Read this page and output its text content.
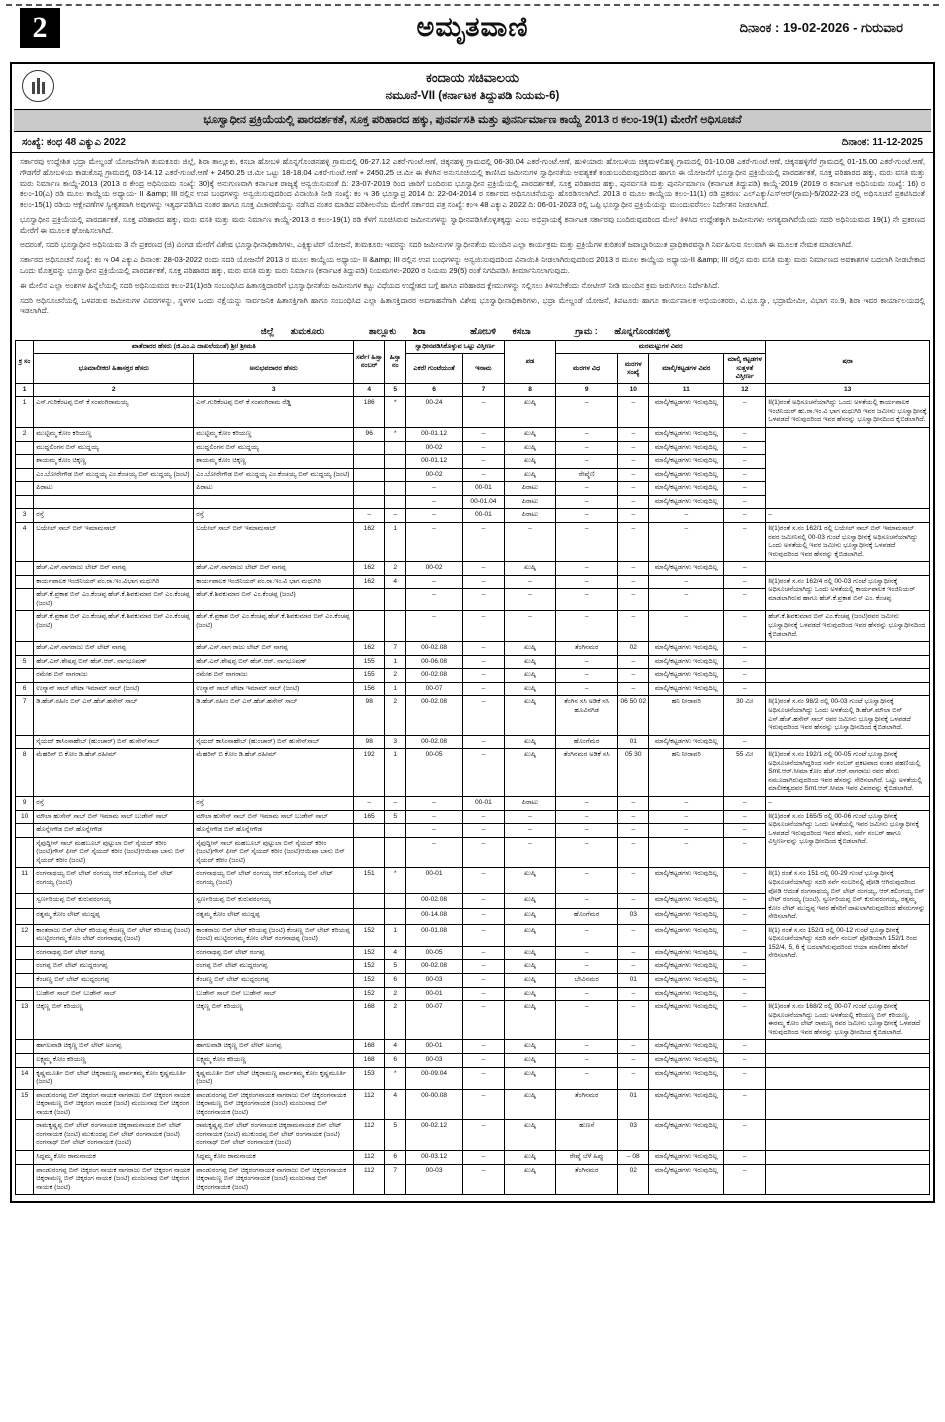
2	ಅಮೃತವಾಣಿ	ದಿನಾಂಕ : 19-02-2026 - ಗುರುವಾರ
ಕಂದಾಯ ಸಚಿವಾಲಯ
ನಮೂನೆ-VII (ಕರ್ನಾಟಕ ತಿದ್ದುಪಡಿ ನಿಯಮ-6)
ಭೂಸ್ವಾಧೀನ ಪ್ರಕ್ರಿಯೆಯಲ್ಲಿ ಪಾರದರ್ಶಕತೆ, ಸೂಕ್ತ ಪರಿಹಾರದ ಹಕ್ಕು, ಪುನರ್ವಸತಿ ಮತ್ತು ಪುನರ್ನಿರ್ಮಾಣ ಕಾಯ್ದೆ 2013 ರ ಕಲಂ-19(1) ಮೇರೆಗೆ ಅಧಿಸೂಚನೆ
ಸಂಖ್ಯೆ: ಕಂಧ 48 ಎಕ್ಯುಎ 2022	ದಿನಾಂಕ: 11-12-2025

ಸರ್ಕಾರವು ಉದ್ದೇಶಿತ ಭದ್ರಾ ಮೇಲ್ದಂಡೆ ಯೋಜನೆಗಾಗಿ ತುಮಕೂರು ಜಿಲ್ಲೆ, ಶಿರಾ ತಾಲ್ಲೂಕು, ಕಸಬಾ ಹೋಬಳಿ ಹೊನ್ನಗೊಂಡನಹಳ್ಳಿ ಗ್ರಾಮದಲ್ಲಿ 06-27.12 ಎಕರೆ-ಗುಂಟೆ.ಆಣೆ, ಚಿಕ್ಕನಹಳ್ಳಿ ಗ್ರಾಮದಲ್ಲಿ 06-30.04 ಎಕರೆ-ಗುಂಟೆ.ಆಣೆ, ಹುಳಿಯಾರು ಹೋಬಳಿಯ ಚಿಕ್ಕಮಳಲಿಹಳ್ಳಿ ಗ್ರಾಮದಲ್ಲಿ 01-10.08 ಎಕರೆ-ಗುಂಟೆ.ಆಣೆ, ಚಿಕ್ಕನಹಳ್ಳಿಗೆರೆ ಗ್ರಾಮದಲ್ಲಿ 01-15.00 ಎಕರೆ-ಗುಂಟೆ.ಆಣೆ, ಗೌಡಗೆರೆ ಹೋಬಳಿಯ ಕಾಡುಕೊಪ್ಪ ಗ್ರಾಮದಲ್ಲಿ 03-14.12 ಎಕರೆ-ಗುಂಟೆ.ಆಣೆ + 2450.25 ಚ.ಮೀ ಒಟ್ಟು 18-18.04 ಎಕರೆ-ಗುಂಟೆ.ಆಣೆ + 2450.25 ಚ.ಮೀ ಈ ಕೆಳಗಿನ ಅನುಸೂಚಿಯಲ್ಲಿ ಕಾಣಿಸಿದ ಜಮೀನುಗಳ ಸ್ವಾಧೀನತೆಯ ಅವಶ್ಯಕತೆ ಕಂಡುಬಂದಿರುವುದರಿಂದ ಹಾಗೂ ಈ ಯೋಜನೆಗೆ ಭೂಸ್ವಾಧೀನ ಪ್ರಕ್ರಿಯೆಯಲ್ಲಿ ಪಾರದರ್ಶಕತೆ, ಸೂಕ್ತ ಪರಿಹಾರದ ಹಕ್ಕು, ಮರು ವಸತಿ ಮತ್ತು ಮರು ನಿರ್ಮಾಣ ಕಾಯ್ದೆ-2013 (2013 ರ ಕೇಂದ್ರ ಅಧಿನಿಯಮ ಸಂಖ್ಯೆ: 30)ಕ್ಕೆ ಅನುಗುಣವಾಗಿ ಕರ್ನಾಟಕ ರಾಜ್ಯಕ್ಕೆ ಅನ್ವಯಿಸುವಂತೆ ದಿ: 23-07-2019 ರಿಂದ ಜಾರಿಗೆ ಬಂದಿರುವ ಭೂಸ್ವಾಧೀನ ಪ್ರಕ್ರಿಯೆಯಲ್ಲಿ ಪಾರದರ್ಶಕತೆ, ಸೂಕ್ತ ಪರಿಹಾರದ ಹಕ್ಕು, ಪುನರ್ವಸತಿ ಮತ್ತು ಪುನರ್ನಿರ್ಮಾಣ (ಕರ್ನಾಟಕ ತಿದ್ದುಪಡಿ) ಕಾಯ್ದೆ-2019 (2019 ರ ಕರ್ನಾಟಕ ಅಧಿನಿಯಮ ಸಂಖ್ಯೆ: 16) ರ ಕಲಂ-10(ಎ) ರಡಿ ಮೂಲ ಕಾಯ್ದೆಯ ಅಧ್ಯಾಯ- II &amp; III ರಲ್ಲಿನ ಉಪ ಬಂಧಗಳನ್ನು ಅನ್ವಯಿಸುವುದರಿಂದ ವಿನಾಯಿತಿ ನೀಡಿ ಸಂಖ್ಯೆ: ಕಂ ಇ 36 ಭೂಸ್ವಾಪ್ರ 2014 ದಿ: 22-04-2014 ರ ಸರ್ಕಾರದ ಅಧಿಸೂಚನೆಯನ್ನು ಹೊರಡಿಸಲಾಗಿದೆ. 2013 ರ ಮೂಲ ಕಾಯ್ದೆಯ ಕಲಂ-11(1) ರಡಿ ಪ್ರಕರಣ: ಎಲ್ಎಕ್ಯು/ಎಸ್ಆರ್(ಗ್ರಾಮ)-5/2022-23 ರಲ್ಲಿ ಅಧಿಸೂಚನೆ ಪ್ರಕಟಿಸಿದಂತೆ ಕಲಂ-15(1) ರಡಿಯ ಆಕ್ಷೇಪಣೆಗಳ ಸ್ವೀಕೃತವಾಗಿ ಅವುಗಳನ್ನು ಇತ್ಯರ್ಥಪಡಿಸಿದ ನಂತರ ಹಾಗೂ ಸೂಕ್ತ ವಿಚಾರಣೆಯನ್ನು ನಡೆಸಿದ ನಂತರ ಮಾಡಿದ ಪರಿಶೀಲನೆಯ ಮೇರೆಗೆ ಸರ್ಕಾರದ ಪತ್ರ ಸಂಖ್ಯೆ: ಕಂಇ 48 ಎಕ್ಯುಎ 2022 ದಿ: 06-01-2023 ರಲ್ಲಿ ಒಪ್ಪಿ ಭೂಸ್ವಾಧೀನ ಪ್ರಕ್ರಿಯೆಯನ್ನು ಮುಂದುವರೆಸಲು ನಿರ್ದೇಶನ ನೀಡಲಾಗಿದೆ.

ಭೂಸ್ವಾಧೀನ ಪ್ರಕ್ರಿಯೆಯಲ್ಲಿ ಪಾರದರ್ಶಕತೆ, ಸೂಕ್ತ ಪರಿಹಾರದ ಹಕ್ಕು, ಮರು ವಸತಿ ಮತ್ತು ಮರು ನಿರ್ಮಾಣ ಕಾಯ್ದೆ-2013 ರ ಕಲಂ-19(1) ರಡಿ ಕೆಳಗೆ ಸೂಚಿಸಿರುವ ಜಮೀನುಗಳನ್ನು ಸ್ವಾಧೀನಪಡಿಸಿಕೊಳ್ಳತಕ್ಕದ್ದು ಎಂಬ ಅಭಿಪ್ರಾಯಕ್ಕೆ ಕರ್ನಾಟಕ ಸರ್ಕಾರವು ಬಂದಿರುವುದರಿಂದ ಮೇಲೆ ತಿಳಿಸಿದ ಉದ್ದೇಶಕ್ಕಾಗಿ ಜಮೀನುಗಳು ಅಗತ್ಯವಾಗಿವೆಯೆಂದು ಸದರಿ ಅಧಿನಿಯಮದ 19(1) ನೇ ಪ್ರಕರಣದ ಮೇರೆಗೆ ಈ ಮೂಲಕ ಘೋಷಿಸಲಾಗಿದೆ.

ಅದರಂತೆ, ಸದರಿ ಭೂಸ್ವಾಧೀನ ಅಧಿನಿಯಮ 3 ನೇ ಪ್ರಕರಣದ (ಜಿ) ವಿಂಗಡ ಮೇರೆಗೆ ವಿಶೇಷ ಭೂಸ್ವಾಧೀನಾಧಿಕಾರಿಗಳು, ಎಕ್ಸಿಕ್ಯುಟಿವ್ ಯೋಜನೆ, ತುಮಕೂರು ಇವರನ್ನು ಸದರಿ ಜಮೀನುಗಳ ಸ್ವಾಧೀನತೆಯ ಮುಂದಿನ ಎಲ್ಲಾ ಕಾರ್ಯಕ್ರಮ ಮತ್ತು ಪ್ರಕ್ರಿಯೆಗಳ ಕುರಿತಂತೆ ಜವಾಬ್ದಾರಿಯುತ ಪ್ರಾಧಿಕಾರವನ್ನಾಗಿ ನಿರ್ವಹಿಸುವ ಸಲುವಾಗಿ ಈ ಮೂಲಕ ನೇಮಕ ಮಾಡಲಾಗಿದೆ.

ಸರ್ಕಾರದ ಅಧಿಸೂಚನೆ ಸಂಖ್ಯೆ: ಕಂ ಇ 04 ಎಕ್ಯುಎ ದಿನಾಂಕ: 28-03-2022 ರಂದು ಸದರಿ ಯೋಜನೆಗೆ 2013 ರ ಮೂಲ ಕಾಯ್ದೆಯ ಅಧ್ಯಾಯ- II &amp; III ರಲ್ಲಿನ ಉಪ ಬಂಧಗಳನ್ನು ಅನ್ವಯಿಸುವುದರಿಂದ ವಿನಾಯಿತಿ ನೀಡಲಾಗಿರುವುದರಿಂದ 2013 ರ ಮೂಲ ಕಾಯ್ದೆಯ ಅಧ್ಯಾಯ-II &amp; III ರಲ್ಲಿನ ಮರು ವಸತಿ ಮತ್ತು ಮರು ನಿರ್ಮಾಣದ ಅವಕಾಶಗಳ ಬದಲಾಗಿ ನೀಡಬೇಕಾದ ಒಂದು ಮೊತ್ತವನ್ನು ಭೂಸ್ವಾಧೀನ ಪ್ರಕ್ರಿಯೆಯಲ್ಲಿ ಪಾರದರ್ಶಕತೆ, ಸೂಕ್ತ ಪರಿಹಾರದ ಹಕ್ಕು, ಮರು ವಸತಿ ಮತ್ತು ಮರು ನಿರ್ಮಾಣ (ಕರ್ನಾಟಕ ತಿದ್ದುಪಡಿ) ನಿಯಮಗಳು-2020 ರ ನಿಯಮ 29(5) ರಂತೆ ನಿಗದಿಪಡಿಸಿ ತೀರ್ಮಾನಿಸಲಾಗುವುದು.

ಈ ಮೇಲಿನ ಎಲ್ಲಾ ಅಂಶಗಳ ಹಿನ್ನೆಲೆಯಲ್ಲಿ ಸದರಿ ಅಧಿನಿಯಮದ ಕಲಂ-21(1)ರಡಿ ಸಂಬಂಧಿಸಿದ ಹಿತಾಸಕ್ತಿದಾರರಿಗೆ ಭೂಸ್ವಾಧೀನತೆಯ ಜಮೀನುಗಳ ಕಟ್ಟು ವಿಧೆಯದ ಉದ್ದೇಶದ ಬಗ್ಗೆ ಹಾಗೂ ಪರಿಹಾರದ ಕ್ಲೇಮುಗಳನ್ನು ಸಲ್ಲಿಸಲು ತಿಳಿಸಬೇಕೆಂದು ನೋಟೀಸ್ ನೀಡಿ ಮುಂದಿನ ಕ್ರಮ ಜರುಗಿಸಲು ನಿರ್ದೇಶಿಸಿದೆ.

ಸದರಿ ಅಧಿಸೂಚನೆಯಲ್ಲಿ ಒಳಪಡುವ ಜಮೀನುಗಳ ವಿವರಗಳನ್ನು, ಸ್ಥಳಗಳ ಒಂದು ನಕ್ಷೆಯನ್ನು ಸಾರ್ವಜನಿಕ ಹಿತಾಸಕ್ತಿಗಾಗಿ ಹಾಗೂ ಸಂಬಂಧಿಸಿದ ಎಲ್ಲಾ ಹಿತಾಸಕ್ತಿದಾರರ ಅವಗಾಹನೆಗಾಗಿ ವಿಶೇಷ ಭೂಸ್ವಾಧೀನಾಧಿಕಾರಿಗಳು, ಭದ್ರಾ ಮೇಲ್ದಂಡೆ ಯೋಜನೆ, ತಿಪಟೂರು ಹಾಗೂ ಕಾರ್ಯಪಾಲಕ ಅಭಿಯಂತರರು, ವಿ.ಭೂ.ಸ್ವಾ, ಭದ್ರಾಮೇಮೀ, ವಿಭಾಗ ನಂ.9, ಶಿರಾ ಇವರ ಕಾರ್ಯಾಲಯದಲ್ಲಿ ಇಡಲಾಗಿದೆ.

ಜಿಲ್ಲೆ ತುಮಕೂರು	ತಾಲ್ಲೂಕು ಶಿರಾ	ಹೋಬಳಿ ಕಸಬಾ	ಗ್ರಾಮ : ಹೊನ್ನಗೊಂಡನಹಳ್ಳಿ
ಕ್ರ ಸಂ	ಖಾತೆದಾರರ ಹೆಸರು (ಜಿ.ಎಂ.ಎ ದಾಖಲೆಯಂತೆ) ಶ್ರೀ/ ಶ್ರೀಮತಿ		ಸರ್ವೆ/ ಹಿಸ್ಸಾ ನಂಬರ್	ಹಿಸ್ಸಾ ನಂ	ಸ್ವಾಧೀನಪಡಿಸಿಕೊಳ್ಳುವ ಒಟ್ಟು ವಿಸ್ತೀರ್ಣ		ಪಡ	ಮರಮಟ್ಟುಗಳ ವಿವರ				ಷರಾ
	ಭೂಮಾಲೀಕರ/ ಹಿತಾಸಕ್ತರ ಹೆಸರು	ಅನುಭವದಾರರ ಹೆಸರು			ಎಕರೆ/ ಗುಂಟೆಯಂತೆ	ಇನಾಮ		ಮರಗಳ ವಿಧ	ಮರಗಳ ಸಂಖ್ಯೆ	ಮಾಲ್ಕಿ/ಕಟ್ಟಡಗಳ ವಿವರ	ಮಾಲ್ಕಿ ಕಟ್ಟಡಗಳ ಸುತ್ತಳತೆ ವಿಸ್ತೀರ್ಣ	
1	2	3	4	5	6	7	8	9	10	11	12	13
1	ಎಸ್.ಗುರಿಕೆಂಟಪ್ಪ ಬಿನ್ ಕೆ ಸಂಪಂಗಿರಾಮಯ್ಯ	ಎಸ್.ಗುರಿಕೆಂಟಪ್ಪ ಬಿನ್ ಕೆ ಸಂಪಂಗಿರಾಮ ರೆಡ್ಡಿ	186	*	00-24	–	ಖುಷ್ಕಿ	–	–	ಮಾಲ್ಕಿ/ಕಟ್ಟಡಗಳು ಇರುವುದಿಲ್ಲ	–	II(1)ರಂತೆ ಅಧಿಸೂಚನೆಯಾಗಿದ್ದು ಒಂದು ಅಳತೆಯಲ್ಲಿ ಕಾರ್ಯಪಾಲಕ ಇಂಜಿನಿಯರ್ ಹು.ರಾ.ಇಂ.ವಿ ಭಾಗ ಮಧುಗಿರಿ ಇವರ ಜಮೀನು ಭೂಸ್ವಾಧೀನಕ್ಕೆ ಒಳಪಡದೆ ಇರುವುದರಿಂದ ಇವರ ಹೆಸರನ್ನು ಭೂಸ್ವಾಧೀನದಿಂದ ಕೈಬಿಡಲಾಗಿದೆ.
2	ಮುಟ್ಟಿಮ್ಮ ಕೋಂ ಕರಿಯಣ್ಣ	ಮುಟ್ಟಿಮ್ಮ ಕೋಂ ಕರಿಯಣ್ಣ	96	*	00-01.12	–	ಖುಷ್ಕಿ	–	–	ಮಾಲ್ಕಿ/ಕಟ್ಟಡಗಳು ಇರುವುದಿಲ್ಲ	–	
	ಮುದ್ದಲಿಂಗನ ಬಿನ್ ಮುದ್ದಯ್ಯ	ಮುದ್ದಲಿಂಗನ ಬಿನ್ ಮುದ್ದಯ್ಯ			00-02	–	ಖುಷ್ಕಿ	–	–	ಮಾಲ್ಕಿ/ಕಟ್ಟಡಗಳು ಇರುವುದಿಲ್ಲ	–	
	ಶಾಯಮ್ಮ ಕೋಂ ಚಿಕ್ಕಣ್ಣ	ಶಾಯಮ್ಮ ಕೋಂ ಚಿಕ್ಕಣ್ಣ			00-01.12	–	ಖುಷ್ಕಿ	–	–	ಮಾಲ್ಕಿ/ಕಟ್ಟಡಗಳು ಇರುವುದಿಲ್ಲ	–	
	ಎಂ.ಬೋರೇಗೌಡ ಬಿನ್ ಮುದ್ದಯ್ಯ ಎಂ.ಕೆಂಚಯ್ಯ ಬಿನ್ ಮುದ್ದಯ್ಯ (ಜಂಟಿ)	ಎಂ.ಬೋರೇಗೌಡ ಬಿನ್ ಮುದ್ದಯ್ಯ ಎಂ.ಕೆಂಚಯ್ಯ ಬಿನ್ ಮುದ್ದಯ್ಯ (ಜಂಟಿ)			00-02	–	ಖುಷ್ಕಿ	ರೇಷ್ಮೆಣಿ	–	ಮಾಲ್ಕಿ/ಕಟ್ಟಡಗಳು ಇರುವುದಿಲ್ಲ	–	
	ಪಿರಾಟು	ಪಿರಾಟು			–	00-01	ಪಿರಾಟು	–	–	ಮಾಲ್ಕಿ/ಕಟ್ಟಡಗಳು ಇರುವುದಿಲ್ಲ	–	
					–	00-01.04	ಪಿರಾಟು	–	–	ಮಾಲ್ಕಿ/ಕಟ್ಟಡಗಳು ಇರುವುದಿಲ್ಲ	–	
3	ರಸ್ತೆ	ರಸ್ತೆ	–	–	–	00-01	ಪಿರಾಟು	–	–	–	–	–
4	ಬಯೇಲ್ ಸಾಬ್ ಬಿನ್ ಇಮಾಮಸಾಬ್	ಬಯೇಲ್ ಸಾಬ್ ಬಿನ್ ಇಮಾಮಸಾಬ್	162	1	–	–	–	–	–	–	–	II(1)ರಂತೆ ಸ.ನಂ 162/1 ರಲ್ಲಿ ಬಯೇಲ್ ಸಾಬ್ ಬಿನ್ ಇಮಾಮಸಾಬ್ ರವರ ಜಮೀನಿನಲ್ಲಿ 00-03 ಗುಂಟೆ ಭೂಸ್ವಾಧೀನಕ್ಕೆ ಅಧಿಸೂಚನೆಯಾಗಿದ್ದು ಒಂದು ಅಳತೆಯಲ್ಲಿ ಇವರ ಜಮೀನು ಭೂಸ್ವಾಧೀನಕ್ಕೆ ಒಳಪಡದೆ ಇರುವುದರಿಂದ ಇವರ ಹೆಸರನ್ನು ಕೈಬಿಡಲಾಗಿದೆ.
	ಹೆಚ್.ಎಸ್.ನಾಗರಾಜು ಲೇಟ್ ಬಿನ್ ನಾಗಪ್ಪ	ಹೆಚ್.ಎಸ್.ನಾಗರಾಜು ಲೇಟ್ ಬಿನ್ ನಾಗಪ್ಪ	162	2	00-02	–	ಖುಷ್ಕಿ	–	–	ಮಾಲ್ಕಿ/ಕಟ್ಟಡಗಳು ಇರುವುದಿಲ್ಲ	–	
	ಕಾರ್ಯಪಾಲಕ ಇಂಜಿನಿಯರ್ ಪಂ.ರಾ.ಇಂ.ವಿಭಾಗ ಮಧುಗಿರಿ	ಕಾರ್ಯಪಾಲಕ ಇಂಜಿನಿಯರ್ ಪಂ.ರಾ.ಇಂ.ವಿ ಭಾಗ ಮಧುಗಿರಿ	162	4	–	–	–	–	–	–	–	II(1)ರಂತೆ ಸ.ನಂ 162/4 ರಲ್ಲಿ 00-03 ಗುಂಟೆ ಭೂಸ್ವಾಧೀನಕ್ಕೆ ಅಧಿಸೂಚನೆಯಾಗಿದ್ದು ಒಂದು ಅಳತೆಯಲ್ಲಿ ಕಾರ್ಯಪಾಲಕ ಇಂಜಿನಿಯರ್ ಮಾಡಲಾಗಿರುವ ಹಾಗೂ ಹೆಚ್.ಕೆ.ಪ್ರಕಾಶ ಬಿನ್ ಎಂ. ಕೆಂಚಪ್ಪ
	ಹೆಚ್.ಕೆ.ಪ್ರಕಾಶ ಬಿನ್ ಎಂ.ಕೆಂಚಪ್ಪ ಹೆಚ್.ಕೆ.ಶಿವಕುಮಾರ ಬಿನ್ ಎಂ.ಕೆಂಚಪ್ಪ (ಜಂಟಿ)	ಹೆಚ್.ಕೆ.ಶಿವಕುಮಾರ ಬಿನ್ ಎಂ.ಕೆಂಚಪ್ಪ (ಜಂಟಿ)			–	–	–	–	–	–	–	
	ಹೆಚ್.ಕೆ.ಪ್ರಕಾಶ ಬಿನ್ ಎಂ.ಕೆಂಚಪ್ಪ ಹೆಚ್.ಕೆ.ಶಿವಕುಮಾರ ಬಿನ್ ಎಂ.ಕೆಂಚಪ್ಪ (ಜಂಟಿ)	ಹೆಚ್.ಕೆ.ಪ್ರಕಾಶ ಬಿನ್ ಎಂ.ಕೆಂಚಪ್ಪ ಹೆಚ್.ಕೆ.ಶಿವಕುಮಾರ ಬಿನ್ ಎಂ.ಕೆಂಚಪ್ಪ (ಜಂಟಿ)			–	–	–	–	–	–	–	ಹೆಚ್.ಕೆ.ಶಿವಕುಮಾರ ಬಿನ್ ಎಂ.ಕೆಂಚಪ್ಪ (ಜಂಟಿ)ರವರ ಜಮೀನು ಭೂಸ್ವಾಧೀನಕ್ಕೆ ಒಳಪಡದೆ ಇರುವುದರಿಂದ ಇವರ ಹೆಸರನ್ನು ಭೂಸ್ವಾಧೀನದಿಂದ ಕೈಬಿಡಲಾಗಿದೆ.
	ಹೆಚ್.ಎಸ್.ನಾಗರಾಜು ಬಿನ್ ಲೇಟ್ ನಾಗಪ್ಪ	ಹೆಚ್.ಎಸ್.ನಾಗ ರಾಜು ಲೇಟ್ ಬಿನ್ ನಾಗಪ್ಪ	162	7	00-02.08	–	ಖುಷ್ಕಿ	ತೆಂಗಿನಮರ	02	ಮಾಲ್ಕಿ/ಕಟ್ಟಡಗಳು ಇರುವುದಿಲ್ಲ	–	
5	ಹೆಚ್.ಎನ್.ಶೇಷಪ್ಪ ಬಿನ್ ಹೆಚ್.ಆರ್. ನಾಗಭೂಷಣ್	ಹೆಚ್.ಎನ್.ಶೇಷಪ್ಪ ಬಿನ್ ಹೆಚ್.ಆರ್. ನಾಗಭೂಷಣ್	155	1	00-06.08	–	ಖುಷ್ಕಿ	–	–	ಮಾಲ್ಕಿ/ಕಟ್ಟಡಗಳು ಇರುವುದಿಲ್ಲ	–	
	ರಮೇಶ ಬಿನ್ ನಾಗರಾಜು	ರಮೇಶ ಬಿನ್ ನಾಗರಾಜು	155	2	00-02.08	–	ಖುಷ್ಕಿ	–	–	ಮಾಲ್ಕಿ/ಕಟ್ಟಡಗಳು ಇರುವುದಿಲ್ಲ	–	
6	ಉಸ್ಮಾನ್ ಸಾಬ್ ಪೇಟಾ ಇಮಾಮ್ ಸಾಬ್ (ಜಂಟಿ)	ಉಸ್ಮಾನ್ ಸಾಬ್ ಪೇಟಾ ಇಮಾಮ್ ಸಾಬ್ (ಜಂಟಿ)	156	1	00-07	–	ಖುಷ್ಕಿ	–	–	ಮಾಲ್ಕಿ/ಕಟ್ಟಡಗಳು ಇರುವುದಿಲ್ಲ	–	
7	ಡಿ.ಹೆಚ್.ರಹೀಂ ಬಿನ್ ಎಸ್.ಹೆಚ್.ಹಸೇನ್ ಸಾಬ್	ಡಿ.ಹೆಚ್.ರಹೀಂ ಬಿನ್ ಎಸ್.ಹೆಚ್.ಹಸೇನ್ ಸಾಬ್	98	2	00-02.08	–	ಖುಷ್ಕಿ	ತೆಂಗಿನ ಸಸಿ ಅಡಿಕೆ ಸಸಿ ಹೂವಿನಗಿಡ	06 50 02	ಹನಿ ನೀರಾವರಿ	30 ಮೀ	II(1)ರಂತೆ ಸ.ನಂ 98/2 ರಲ್ಲಿ 00-03 ಗುಂಟೆ ಭೂಸ್ವಾಧೀನಕ್ಕೆ ಅಧಿಸೂಚನೆಯಾಗಿದ್ದು ಒಂದು ಅಳತೆಯಲ್ಲಿ ಡಿ.ಹೆಚ್.ಮೌಲಾ ಬಿನ್ ಎಸ್.ಹೆಚ್.ಹಸೇನ್ ಸಾಬ್ ರವರ ಜಮೀನು ಭೂಸ್ವಾಧೀನಕ್ಕೆ ಒಳಪಡದೆ ಇರುವುದರಿಂದ ಇವರ ಹೆಸರನ್ನು ಭೂಸ್ವಾಧೀನದಿಂದ ಕೈಬಿಡಲಾಗಿದೆ.
	ಸೈಯದ್ ಕಾಸಿಂಸಾಹೇಬ್ (ಹುಂಚಾರ್) ಬಿನ್ ಹುಸೇನ್‌ಸಾಬ್	ಸೈಯದ್ ಕಾಸಿಂಸಾಹೇಬ್ (ಹುಂಚಾರ್) ಬಿನ್ ಹುಸೇನ್‌ಸಾಬ್	98	3	00-02.08	–	ಖುಷ್ಕಿ	ಹೊಂಗೆಮರ	01	ಮಾಲ್ಕಿ/ಕಟ್ಟಡಗಳು ಇರುವುದಿಲ್ಲ	–	
8	ಮೆಹರಿನ್ ಬಿ ಕೋಂ ಡಿ.ಹೆಚ್.ರಹೀಮ್	ಮೆಹರಿನ್ ಬಿ ಕೋಂ ಡಿ.ಹೆಚ್.ರಹೀಮ್	192	1	00-05	–	ಖುಷ್ಕಿ	ತೆಂಗಿನಮರ ಅಡಿಕೆ ಸಸಿ	05 30	ಹನಿ ನೀರಾವರಿ	55 ಮೀ	II(1)ರಂತೆ ಸ.ನಂ 192/1 ರಲ್ಲಿ 00-05 ಗುಂಟೆ ಭೂಸ್ವಾಧೀನಕ್ಕೆ ಅಧಿಸೂಚನೆಯಾಗಿದ್ದರಿಂದ ಸರ್ವೆ ನಂಬರ್ ಪ್ರಕಟವಾದ ನಂತರ ಪಹಣಿಯಲ್ಲಿ Smt.ಆರ್.ಸೀಮಾ ಕೋಂ ಹೆಚ್.ಆರ್.ನಾಗರಾಜು ರವರ ಹೆಸರು ನಮೂದಾಗಿರುವುದರಿಂದ ಇವರ ಹೆಸರನ್ನು ಸೇರಿಸಲಾಗಿದೆ. ಒಟ್ಟು ಅಳತೆಯಲ್ಲಿ ಮಾಲೀಕತ್ವದವರ Smt.ಆರ್.ಸೀಮಾ ಇವರ ವಿವರವನ್ನು ಕೈಬಿಡಲಾಗಿದೆ.
9	ರಸ್ತೆ	ರಸ್ತೆ	–	–	–	00-01	ಪಿರಾಟು	–	–	–	–	–
10	ಮೌಲಾ ಹುಸೇನ್ ಸಾಬ್ ಬಿನ್ ಇಮಾಮ ಸಾಬ್ ಬುಡೇನ್ ಸಾಬ್	ಮೌಲಾ ಹುಸೇನ್ ಸಾಬ್ ಬಿನ್ ಇಮಾಮ ಸಾಬ್ ಬುಡೇನ್ ಸಾಬ್	165	5	–	–	–	–	–	–	–	II(1)ರಂತೆ ಸ.ನಂ 165/5 ರಲ್ಲಿ 00-06 ಗುಂಟೆ ಭೂಸ್ವಾಧೀನಕ್ಕೆ ಅಧಿಸೂಚನೆಯಾಗಿದ್ದು ಒಂದು ಅಳತೆಯಲ್ಲಿ ಇವರ ಜಮೀನು ಭೂಸ್ವಾಧೀನಕ್ಕೆ ಒಳಪಡದೆ ಇರುವುದರಿಂದ ಇವರ ಹೆಸರು, ಸರ್ವೆ ನಂಬರ್ ಹಾಗೂ ವಿಸ್ತೀರ್ಣವನ್ನು ಭೂಸ್ವಾಧೀನದಿಂದ ಕೈಬಿಡಲಾಗಿದೆ.
	ಹೊನ್ನೇಗೌಡ ಬಿನ್ ಹೊನ್ನೇಗೌಡ	ಹೊನ್ನೇಗೌಡ ಬಿನ್ ಹೊನ್ನೇಗೌಡ			–	–	–	–	–	–	–	
	ಸೈಫುದ್ದೀನ್ ಸಾಬ್ ಮಹಬೂಬ್ ಪುಟ್ಟುಲಾ ಬಿನ್ ಸೈಯದ್ ಕರೀಂ (ಜಂಟಿ)ಗೌಸ್ ಫೀರ್ ಬಿನ್ ಸೈಯದ್ ಕರೀಂ (ಜಂಟಿ)ಆಯಿಷಾ ಬಾನು ಬಿನ್ ಸೈಯದ್ ಕರೀಂ (ಜಂಟಿ)	ಸೈಫುದ್ದೀನ್ ಸಾಬ್ ಮಹಬೂಬ್ ಪುಟ್ಟುಲಾ ಬಿನ್ ಸೈಯದ್ ಕರೀಂ (ಜಂಟಿ)ಗೌಸ್ ಫೀರ್ ಬಿನ್ ಸೈಯದ್ ಕರೀಂ (ಜಂಟಿ)ಆಯಿಷಾ ಬಾನು ಬಿನ್ ಸೈಯದ್ ಕರೀಂ (ಜಂಟಿ)			–	–	–	–	–	–	–	
11	ರಂಗನಾಥಯ್ಯ ಬಿನ್ ಲೇಟ್ ರಂಗಯ್ಯ ಆರ್.ಕಲಿಂಗಯ್ಯ ಬಿನ್ ಲೇಟ್ ರಂಗಯ್ಯ (ಜಂಟಿ)	ರಂಗನಾಥಯ್ಯ ಬಿನ್ ಲೇಟ್ ರಂಗಯ್ಯ ಆರ್.ಕಲಿಂಗಯ್ಯ ಬಿನ್ ಲೇಟ್ ರಂಗಯ್ಯ (ಜಂಟಿ)	151	*	00-01	–	ಖುಷ್ಕಿ	–	–	ಮಾಲ್ಕಿ/ಕಟ್ಟಡಗಳು ಇರುವುದಿಲ್ಲ	–	II(1) ರಂತೆ ಸ.ನಂ 151 ರಲ್ಲಿ 00-29 ಗುಂಟೆ ಭೂಸ್ವಾಧೀನಕ್ಕೆ ಅಧಿಸೂಚನೆಯಾಗಿದ್ದು ಸದರಿ ಸರ್ವೆ ನಂಬರಿನಲ್ಲಿ ಪೋಡಿ ಆಗಿರುವುದರಿಂದ ಪೋಡಿ ಆದಂತೆ ರಂಗನಾಥಯ್ಯ ಬಿನ್ ಲೇಟ್ ರಂಗಯ್ಯ, ಆರ್.ಕಲಿಂಗಯ್ಯ ಬಿನ್ ಲೇಟ್ ರಂಗಯ್ಯ (ಜಂಟಿ), ಸ್ವರ್ಣರಿಯಪ್ಪ ಬಿನ್ ಕುರುವರಂಗಯ್ಯ, ರತ್ನಮ್ಮ ಕೋಂ ಲೇಟ್ ಮುದ್ದಪ್ಪ ಇವರ ಹೆಸರಿಗೆ ದಾಖಲಾಗಿರುವುದರಿಂದ ಹೆಸರುಗಳನ್ನು ಸೇರಿಸಲಾಗಿದೆ.
	ಸ್ವರ್ಣರಿಯಪ್ಪ ಬಿನ್ ಕುರುವರಂಗಯ್ಯ	ಸ್ವರ್ಣರಿಯಪ್ಪ ಬಿನ್ ಕುರುವರಂಗಯ್ಯ			00-02.08	–	ಖುಷ್ಕಿ	–	–	ಮಾಲ್ಕಿ/ಕಟ್ಟಡಗಳು ಇರುವುದಿಲ್ಲ	–	
	ರತ್ನಮ್ಮ ಕೋಂ ಲೇಟ್ ಮುದ್ದಪ್ಪ	ರತ್ನಮ್ಮ ಕೋಂ ಲೇಟ್ ಮುದ್ದಪ್ಪ			00-14.08	–	ಖುಷ್ಕಿ	ಹೊಂಗೆಮರ	03	ಮಾಲ್ಕಿ/ಕಟ್ಟಡಗಳು ಇರುವುದಿಲ್ಲ	–	
12	ಕಾಂತರಾಜು ಬಿನ್ ಲೇಟ್ ಕರಿಯಪ್ಪ ಕೆಂಚಣ್ಣ ಬಿನ್ ಲೇಟ್ ಕರಿಯಪ್ಪ (ಜಂಟಿ) ಮುಟ್ಟಿರಂಗಮ್ಮ ಕೋಂ ಲೇಟ್ ರಂಗನಾಥಪ್ಪ (ಜಂಟಿ)	ಕಾಂತರಾಜು ಬಿನ್ ಲೇಟ್ ಕರಿಯಪ್ಪ (ಜಂಟಿ) ಕೆಂಚಣ್ಣ ಬಿನ್ ಲೇಟ್ ಕರಿಯಪ್ಪ (ಜಂಟಿ) ಮುಟ್ಟಿರಂಗಮ್ಮ ಕೋಂ ಲೇಟ್ ರಂಗನಾಥಪ್ಪ (ಜಂಟಿ)	152	1	00-01.08	–	ಖುಷ್ಕಿ	–	–	ಮಾಲ್ಕಿ/ಕಟ್ಟಡಗಳು ಇರುವುದಿಲ್ಲ	–	II(1) ರಂತೆ ಸ.ನಂ 152/1 ರಲ್ಲಿ 00-12 ಗುಂಟೆ ಭೂಸ್ವಾಧೀನಕ್ಕೆ ಅಧಿಸೂಚನೆಯಾಗಿದ್ದು ಸದರಿ ಸರ್ವೆ ನಂಬರ್ ಪೋಡಿಯಾಗಿ 152/1 ರಿಂದ 152/4, 5, 6 ಕ್ಕೆ ಬದಲಾಗಿರುವುದರಿಂದ ಆಯಾ ಮಾಲೀಕರ ಹೆಸರಿಗೆ ಸೇರಿಸಲಾಗಿದೆ.
	ರಂಗನಾಥಪ್ಪ ಬಿನ್ ಲೇಟ್ ರಂಗಪ್ಪ	ರಂಗನಾಥಪ್ಪ ಬಿನ್ ಲೇಟ್ ರಂಗಪ್ಪ	152	4	00-05	–	ಖುಷ್ಕಿ	–	–	ಮಾಲ್ಕಿ/ಕಟ್ಟಡಗಳು ಇರುವುದಿಲ್ಲ	–	
	ರಂಗಪ್ಪ ಬಿನ್ ಲೇಟ್ ಮುದ್ದರಂಗಪ್ಪ	ರಂಗಪ್ಪ ಬಿನ್ ಲೇಟ್ ಮುದ್ದರಂಗಪ್ಪ	152	5	00-02.08	–	ಖುಷ್ಕಿ	–	–	ಮಾಲ್ಕಿ/ಕಟ್ಟಡಗಳು ಇರುವುದಿಲ್ಲ	–	
	ಕೆಂಚಣ್ಣ ಬಿನ್ ಲೇಟ್ ಮುದ್ದರಂಗಪ್ಪ	ಕೆಂಚಣ್ಣ ಬಿನ್ ಲೇಟ್ ಮುದ್ದರಂಗಪ್ಪ	152	6	00-03	–	ಖುಷ್ಕಿ	ಬೇವಿನಮರ	01	ಮಾಲ್ಕಿ/ಕಟ್ಟಡಗಳು ಇರುವುದಿಲ್ಲ	–	
	ಬುಡೇನ್ ಸಾಬ್ ಬಿನ್ ಬುಡೇನ್ ಸಾಬ್	ಬುಡೇನ್ ಸಾಬ್ ಬಿನ್ ಬುಡೇನ್ ಸಾಬ್	152	2	00-01	–	ಖುಷ್ಕಿ	–	–	ಮಾಲ್ಕಿ/ಕಟ್ಟಡಗಳು ಇರುವುದಿಲ್ಲ	–	
13	ಚಿಕ್ಕಣ್ಣ ಬಿನ್ ಕರಿಯಣ್ಣ	ಚಿಕ್ಕಣ್ಣ ಬಿನ್ ಕರಿಯಣ್ಣ	168	2	00-07	–	ಖುಷ್ಕಿ	–	–	ಮಾಲ್ಕಿ/ಕಟ್ಟಡಗಳು ಇರುವುದಿಲ್ಲ	–	II(1)ರಂತೆ ಸ.ನಂ 168/2 ರಲ್ಲಿ 00-07 ಗುಂಟೆ ಭೂಸ್ವಾಧೀನಕ್ಕೆ ಅಧಿಸೂಚನೆಯಾಗಿದ್ದು ಒಂದು ಅಳತೆಯಲ್ಲಿ ಕರಿಯಣ್ಣ ಬಿನ್ ಕರಿಯಣ್ಣ, ಈರಮ್ಮ ಕೋಂ ಲೇಟ್ ರಾಮಣ್ಣ ರವರ ಜಮೀನು ಭೂಸ್ವಾಧೀನಕ್ಕೆ ಒಳಪಡದೆ ಇರುವುದರಿಂದ ಇವರ ಹೆಸರನ್ನು ಭೂಸ್ವಾಧೀನದಿಂದ ಕೈಬಿಡಲಾಗಿದೆ.
	ಹಾಗಲವಾಡಿ ಚಿಕ್ಕಣ್ಣ ಬಿನ್ ಲೇಟ್ ಅಂಗಪ್ಪ	ಹಾಗಲವಾಡಿ ಚಿಕ್ಕಣ್ಣ ಬಿನ್ ಲೇಟ್ ಅಂಗಪ್ಪ	168	4	00-01	–	ಖುಷ್ಕಿ	–	–	ಮಾಲ್ಕಿ/ಕಟ್ಟಡಗಳು ಇರುವುದಿಲ್ಲ	–	
	ಲಕ್ಷ್ಮಮ್ಮ ಕೋಂ ಕರಿಯಣ್ಣ	ಲಕ್ಷ್ಮಮ್ಮ ಕೋಂ ಕರಿಯಣ್ಣ	168	6	00-03	–	ಖುಷ್ಕಿ	–	–	ಮಾಲ್ಕಿ/ಕಟ್ಟಡಗಳು ಇರುವುದಿಲ್ಲ	–	
14	ಕೃಷ್ಣಮೂರ್ತಿ ಬಿನ್ ಲೇಟ್ ಚಿಕ್ಕರಾಮಣ್ಣ ಪಾರ್ವತಮ್ಮ ಕೋಂ ಕೃಷ್ಣಮೂರ್ತಿ (ಜಂಟಿ)	ಕೃಷ್ಣಮೂರ್ತಿ ಬಿನ್ ಲೇಟ್ ಚಿಕ್ಕರಾಮಣ್ಣ ಪಾರ್ವತಮ್ಮ ಕೋಂ ಕೃಷ್ಣಮೂರ್ತಿ (ಜಂಟಿ)	153	*	00-09.04	–	ಖುಷ್ಕಿ	–	–	ಮಾಲ್ಕಿ/ಕಟ್ಟಡಗಳು ಇರುವುದಿಲ್ಲ	–	
15	ಪಾಂಡುರಂಗಪ್ಪ ಬಿನ್ ಚಿಕ್ಕರಂಗ ನಾಯಕ ನಾಗರಾಜು ಬಿನ್ ಚಿಕ್ಕರಂಗ ನಾಯಕ ಚಿಕ್ಕರಾಮಣ್ಣ ಬಿನ್ ಚಿಕ್ಕರಂಗ ನಾಯಕ (ಜಂಟಿ) ಮಂಜುನಾಥ ಬಿನ್ ಚಿಕ್ಕರಂಗ ನಾಯಕ (ಜಂಟಿ)	ಪಾಂಡುರಂಗಪ್ಪ ಬಿನ್ ಚಿಕ್ಕರಂಗನಾಯಕ ನಾಗರಾಜು ಬಿನ್ ಚಿಕ್ಕರಂಗನಾಯಕ ಚಿಕ್ಕರಾಮಣ್ಣ ಬಿನ್ ಚಿಕ್ಕರಂಗನಾಯಕ (ಜಂಟಿ) ಮಂಜುನಾಥ ಬಿನ್ ಚಿಕ್ಕರಂಗನಾಯಕ (ಜಂಟಿ)	112	4	00-00.08	–	ಖುಷ್ಕಿ	ತೆಂಗಿನಮರ	01	ಮಾಲ್ಕಿ/ಕಟ್ಟಡಗಳು ಇರುವುದಿಲ್ಲ	–	
	ರಾಮಕೃಷ್ಣಪ್ಪ ಬಿನ್ ಲೇಟ್ ರಂಗನಾಯಕ ಚಿಕ್ಕರಾಮನಾಯಕ ಬಿನ್ ಲೇಟ್ ರಂಗನಾಯಕ (ಜಂಟಿ) ಮುಕುಂದಪ್ಪ ಬಿನ್ ಲೇಟ್ ರಂಗನಾಯಕ (ಜಂಟಿ) ರಂಗನಾಥ್ ಬಿನ್ ಲೇಟ್ ರಂಗನಾಯಕ (ಜಂಟಿ)	ರಾಮಕೃಷ್ಣಪ್ಪ ಬಿನ್ ಲೇಟ್ ರಂಗನಾಯಕ ಚಿಕ್ಕರಾಮನಾಯಕ ಬಿನ್ ಲೇಟ್ ರಂಗನಾಯಕ (ಜಂಟಿ) ಮುಕುಂದಪ್ಪ ಬಿನ್ ಲೇಟ್ ರಂಗನಾಯಕ (ಜಂಟಿ) ರಂಗನಾಥ್ ಬಿನ್ ಲೇಟ್ ರಂಗನಾಯಕ (ಜಂಟಿ)	112	5	00-02.12	–	ಖುಷ್ಕಿ	ಹುಣಸೆ	03	ಮಾಲ್ಕಿ/ಕಟ್ಟಡಗಳು ಇರುವುದಿಲ್ಲ	–	
	ಸಿದ್ದಮ್ಮ ಕೋಂ ರಾಮನಾಯಕ	ಸಿದ್ದಮ್ಮ ಕೋಂ ರಾಮನಾಯಕ	112	6	00-03.12	–	ಖುಷ್ಕಿ	ರೇಷ್ಮೆ ಬೆಳೆ ಹಿಪ್ಪು	– 08	ಮಾಲ್ಕಿ/ಕಟ್ಟಡಗಳು ಇರುವುದಿಲ್ಲ	–	
	ಪಾಂಡುರಂಗಪ್ಪ ಬಿನ್ ಚಿಕ್ಕರಂಗ ನಾಯಕ ನಾಗರಾಜು ಬಿನ್ ಚಿಕ್ಕರಂಗ ನಾಯಕ ಚಿಕ್ಕರಾಮಣ್ಣ ಬಿನ್ ಚಿಕ್ಕರಂಗ ನಾಯಕ (ಜಂಟಿ) ಮಂಜುನಾಥ ಬಿನ್ ಚಿಕ್ಕರಂಗ ನಾಯಕ (ಜಂಟಿ)	ಪಾಂಡುರಂಗಪ್ಪ ಬಿನ್ ಚಿಕ್ಕರಂಗನಾಯಕ ನಾಗರಾಜು ಬಿನ್ ಚಿಕ್ಕರಂಗನಾಯಕ ಚಿಕ್ಕರಾಮಣ್ಣ ಬಿನ್ ಚಿಕ್ಕರಂಗನಾಯಕ (ಜಂಟಿ) ಮಂಜುನಾಥ ಬಿನ್ ಚಿಕ್ಕರಂಗನಾಯಕ (ಜಂಟಿ)	112	7	00-03	–	ಖುಷ್ಕಿ	ತೆಂಗಿನಮರ	02	ಮಾಲ್ಕಿ/ಕಟ್ಟಡಗಳು ಇರುವುದಿಲ್ಲ	–	
